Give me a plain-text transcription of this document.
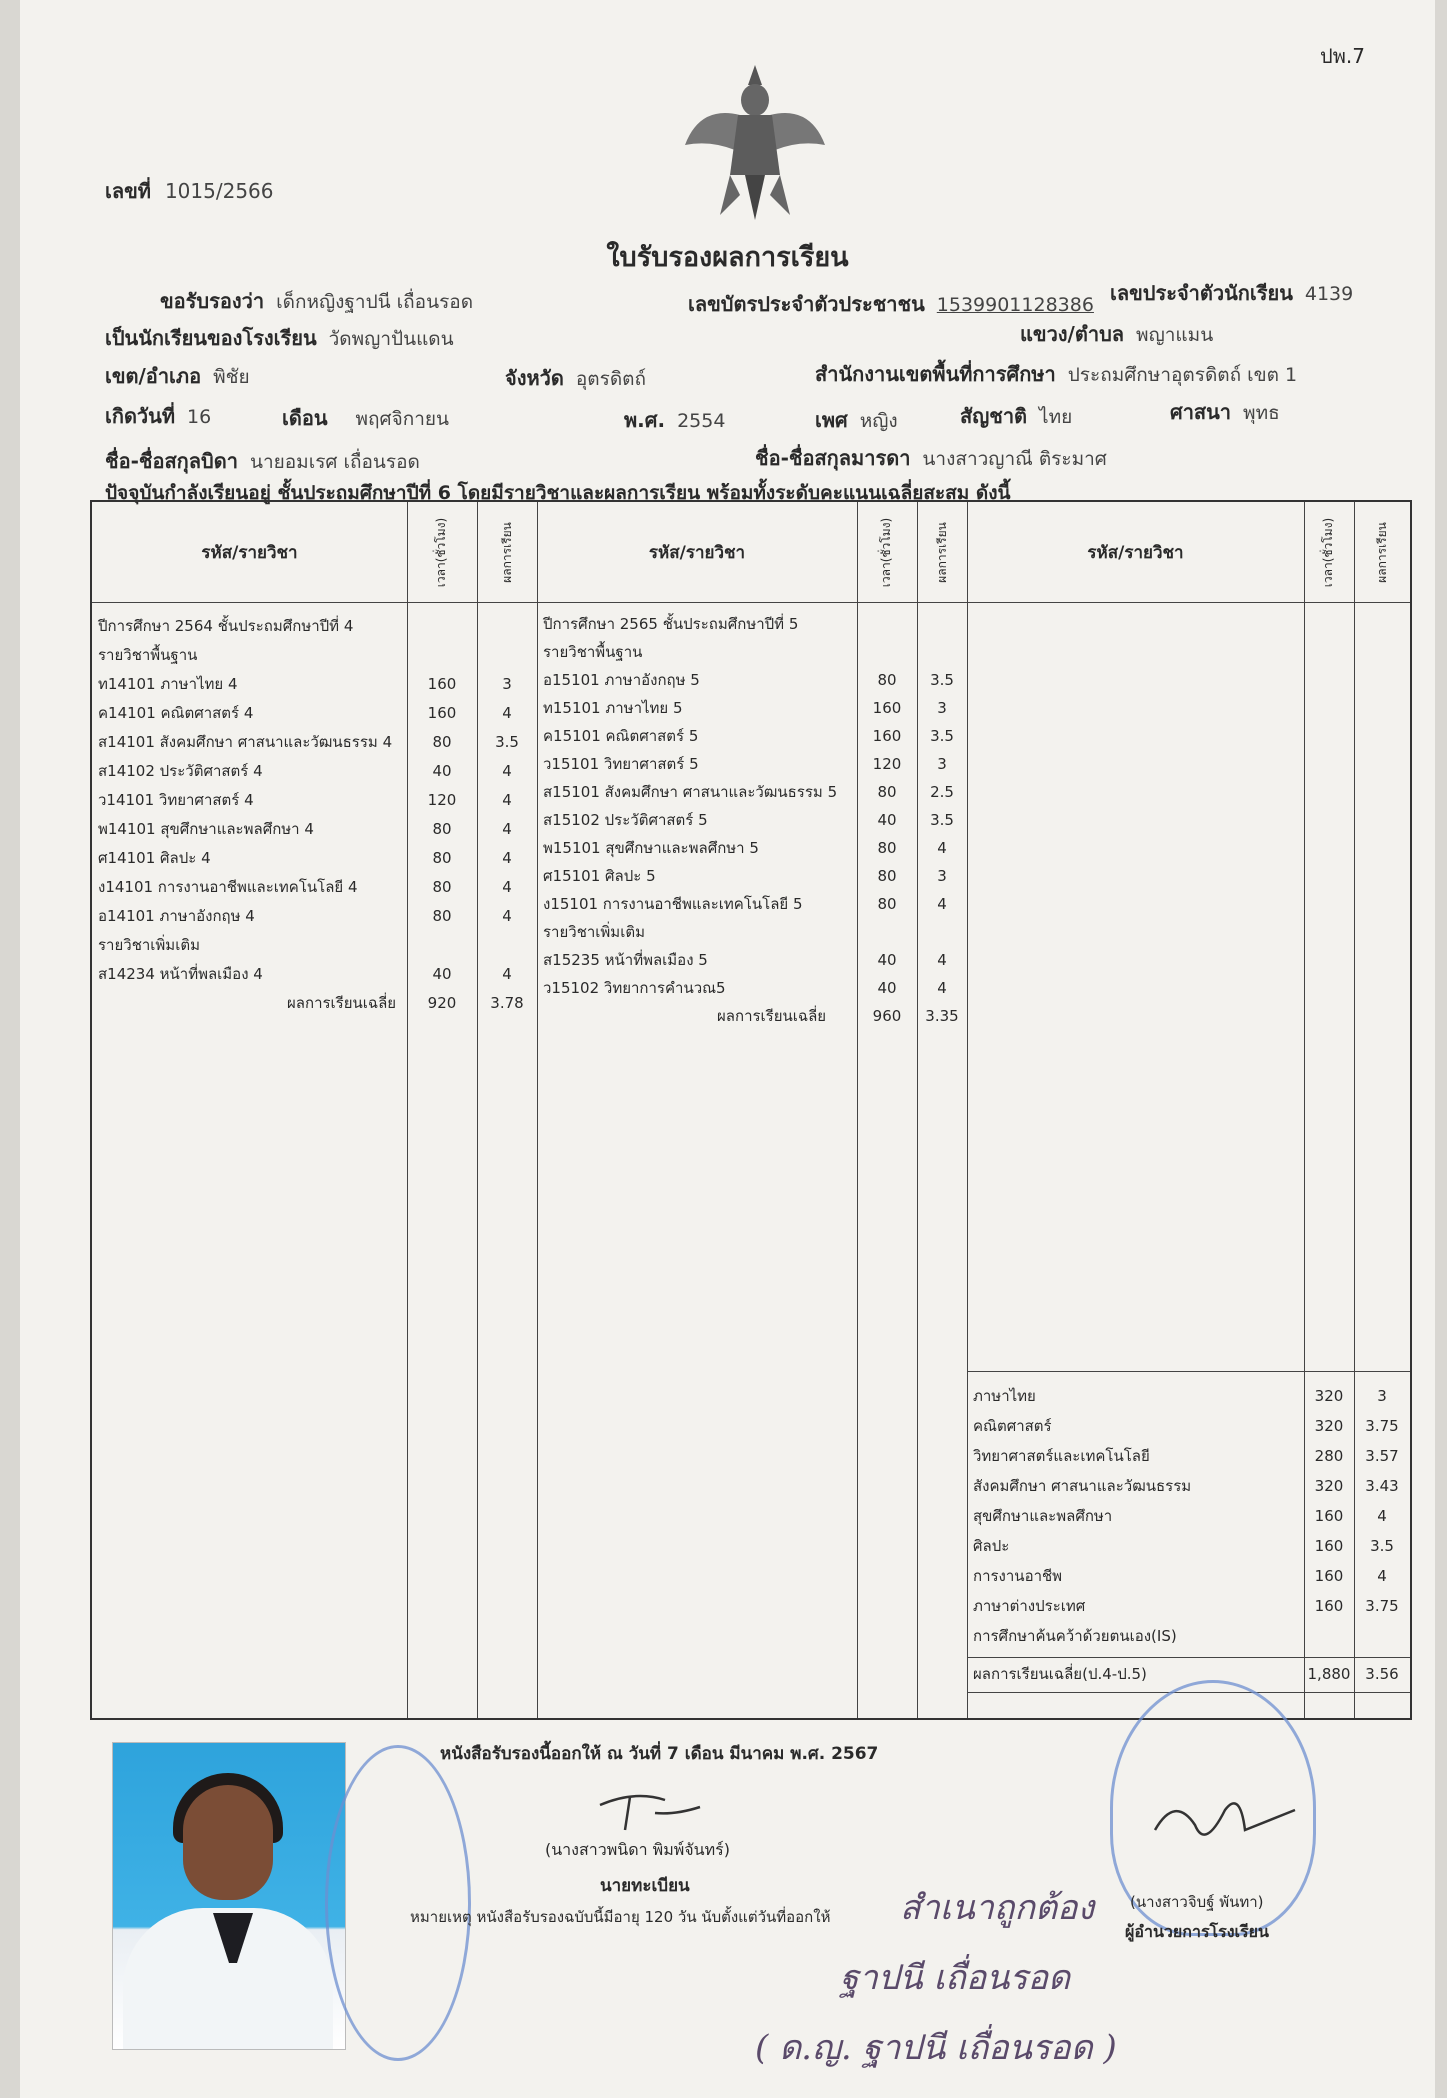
ปพ.7
เลขที่ 1015/2566
ใบรับรองผลการเรียน
ขอรับรองว่า เด็กหญิงฐาปนี เถื่อนรอด	เลขบัตรประจำตัวประชาชน 1539901128386 เลขประจำตัวนักเรียน 4139
เป็นนักเรียนของโรงเรียน วัดพญาปันแดน	แขวง/ตำบล พญาแมน
เขต/อำเภอ พิชัย	จังหวัด อุตรดิตถ์	สำนักงานเขตพื้นที่การศึกษา ประถมศึกษาอุตรดิตถ์ เขต 1
เกิดวันที่ 16	เดือน พฤศจิกายน	พ.ศ. 2554	เพศ หญิง	สัญชาติ ไทย	ศาสนา พุทธ
ชื่อ-ชื่อสกุลบิดา นายอมเรศ เถื่อนรอด	ชื่อ-ชื่อสกุลมารดา นางสาวญาณี ติระมาศ
ปัจจุบันกำลังเรียนอยู่ ชั้นประถมศึกษาปีที่ 6 โดยมีรายวิชาและผลการเรียน พร้อมทั้งระดับคะแนนเฉลี่ยสะสม ดังนี้
รหัส/รายวิชา	เวลา(ชั่วโมง)	ผลการเรียน	รหัส/รายวิชา	เวลา(ชั่วโมง)	ผลการเรียน	รหัส/รายวิชา	เวลา(ชั่วโมง)	ผลการเรียน
ปีการศึกษา 2564 ชั้นประถมศึกษาปีที่ 4
รายวิชาพื้นฐาน
ท14101 ภาษาไทย 4	160	3
ค14101 คณิตศาสตร์ 4	160	4
ส14101 สังคมศึกษา ศาสนาและวัฒนธรรม 4	80	3.5
ส14102 ประวัติศาสตร์ 4	40	4
ว14101 วิทยาศาสตร์ 4	120	4
พ14101 สุขศึกษาและพลศึกษา 4	80	4
ศ14101 ศิลปะ 4	80	4
ง14101 การงานอาชีพและเทคโนโลยี 4	80	4
อ14101 ภาษาอังกฤษ 4	80	4
รายวิชาเพิ่มเติม
ส14234 หน้าที่พลเมือง 4	40	4
ผลการเรียนเฉลี่ย	920	3.78
ปีการศึกษา 2565 ชั้นประถมศึกษาปีที่ 5
รายวิชาพื้นฐาน
อ15101 ภาษาอังกฤษ 5	80	3.5
ท15101 ภาษาไทย 5	160	3
ค15101 คณิตศาสตร์ 5	160	3.5
ว15101 วิทยาศาสตร์ 5	120	3
ส15101 สังคมศึกษา ศาสนาและวัฒนธรรม 5	80	2.5
ส15102 ประวัติศาสตร์ 5	40	3.5
พ15101 สุขศึกษาและพลศึกษา 5	80	4
ศ15101 ศิลปะ 5	80	3
ง15101 การงานอาชีพและเทคโนโลยี 5	80	4
รายวิชาเพิ่มเติม
ส15235 หน้าที่พลเมือง 5	40	4
ว15102 วิทยาการคำนวณ5	40	4
ผลการเรียนเฉลี่ย	960	3.35
ภาษาไทย	320	3
คณิตศาสตร์	320	3.75
วิทยาศาสตร์และเทคโนโลยี	280	3.57
สังคมศึกษา ศาสนาและวัฒนธรรม	320	3.43
สุขศึกษาและพลศึกษา	160	4
ศิลปะ	160	3.5
การงานอาชีพ	160	4
ภาษาต่างประเทศ	160	3.75
การศึกษาค้นคว้าด้วยตนเอง(IS)
ผลการเรียนเฉลี่ย(ป.4-ป.5)	1,880 3.56
หนังสือรับรองนี้ออกให้ ณ วันที่ 7 เดือน มีนาคม พ.ศ. 2567
(นางสาวพนิดา พิมพ์จันทร์)
นายทะเบียน
หมายเหตุ หนังสือรับรองฉบับนี้มีอายุ 120 วัน นับตั้งแต่วันที่ออกให้
(นางสาวจิบฐ์ พันทา)
ผู้อำนวยการโรงเรียน
สำเนาถูกต้อง
ฐาปนี เถื่อนรอด
( ด.ญ. ฐาปนี เถื่อนรอด )
